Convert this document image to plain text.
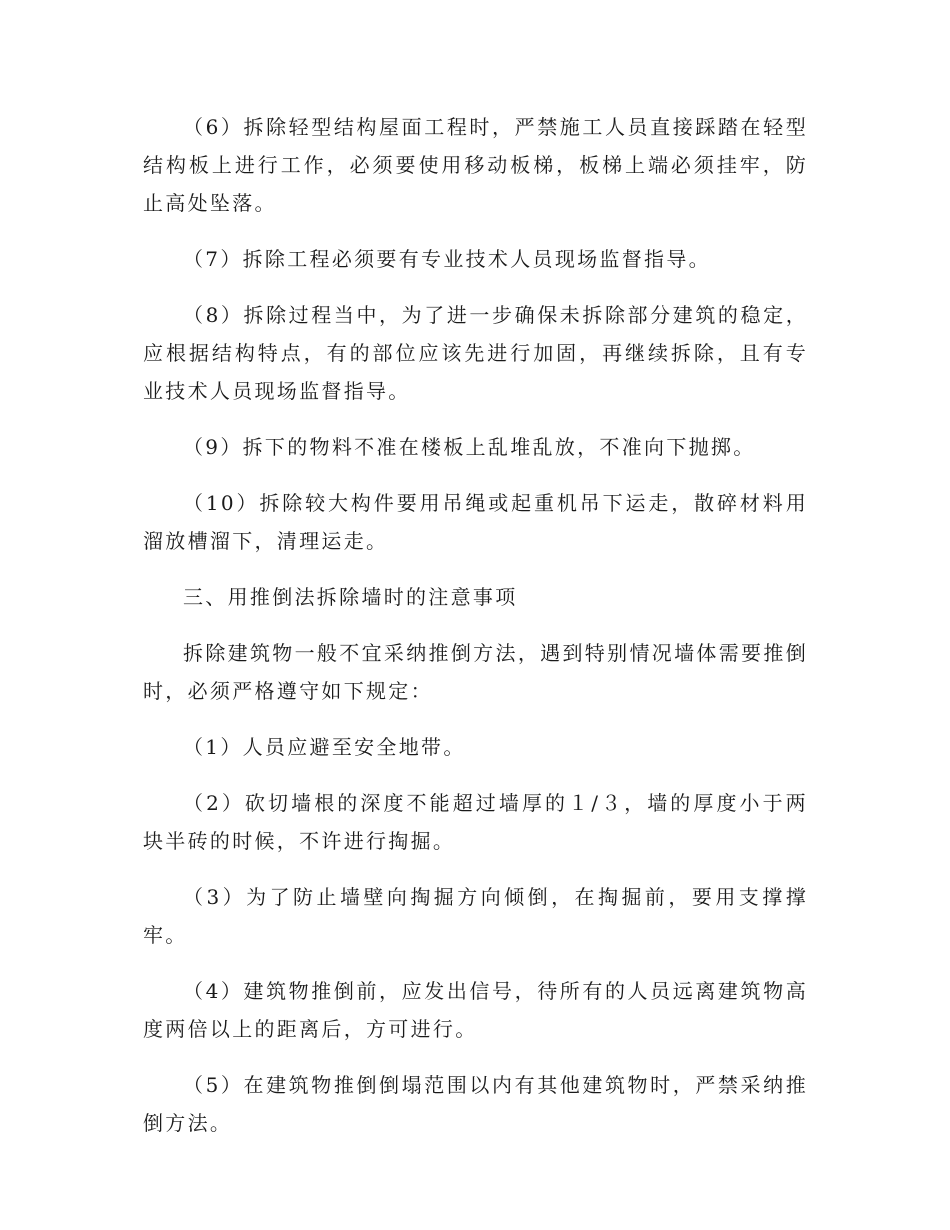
（6）拆除轻型结构屋面工程时，严禁施工人员直接踩踏在轻型结构板上进行工作，必须要使用移动板梯，板梯上端必须挂牢，防止高处坠落。

（7）拆除工程必须要有专业技术人员现场监督指导。

（8）拆除过程当中，为了进一步确保未拆除部分建筑的稳定，应根据结构特点，有的部位应该先进行加固，再继续拆除，且有专业技术人员现场监督指导。

（9）拆下的物料不准在楼板上乱堆乱放，不准向下抛掷。

（10）拆除较大构件要用吊绳或起重机吊下运走，散碎材料用溜放槽溜下，清理运走。

三、用推倒法拆除墙时的注意事项

拆除建筑物一般不宜采纳推倒方法，遇到特别情况墙体需要推倒时，必须严格遵守如下规定：

（1）人员应避至安全地带。

（2）砍切墙根的深度不能超过墙厚的１/３，墙的厚度小于两块半砖的时候，不许进行掏掘。

（3）为了防止墙壁向掏掘方向倾倒，在掏掘前，要用支撑撑牢。

（4）建筑物推倒前，应发出信号，待所有的人员远离建筑物高度两倍以上的距离后，方可进行。

（5）在建筑物推倒倒塌范围以内有其他建筑物时，严禁采纳推倒方法。
